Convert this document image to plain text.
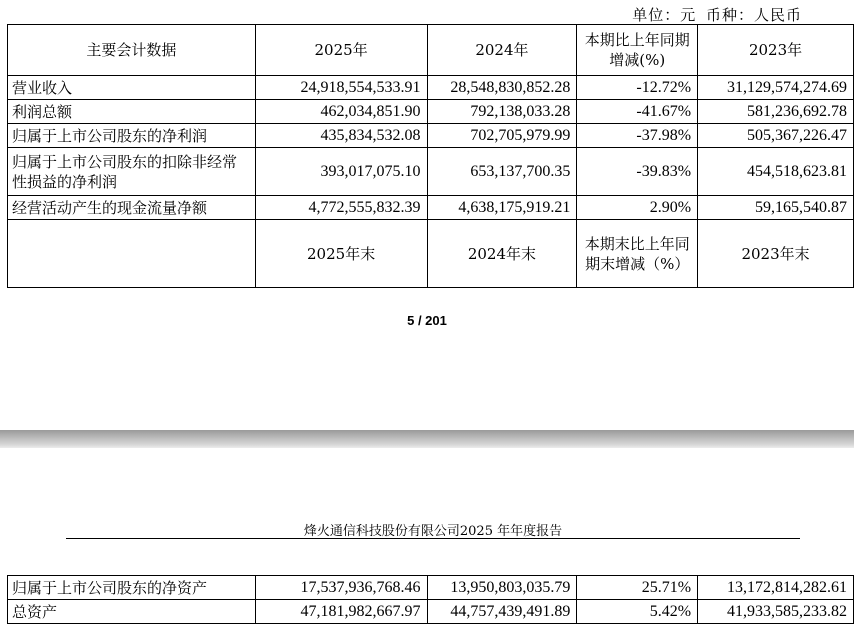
单位：元 币种：人民币
主要会计数据	2025年	2024年	本期比上年同期增减(%)	2023年
营业收入	24,918,554,533.91	28,548,830,852.28	-12.72%	31,129,574,274.69
利润总额	462,034,851.90	792,138,033.28	-41.67%	581,236,692.78
归属于上市公司股东的净利润	435,834,532.08	702,705,979.99	-37.98%	505,367,226.47
归属于上市公司股东的扣除非经常性损益的净利润	393,017,075.10	653,137,700.35	-39.83%	454,518,623.81
经营活动产生的现金流量净额	4,772,555,832.39	4,638,175,919.21	2.90%	59,165,540.87
	2025年末	2024年末	本期末比上年同期末增减（%）	2023年末
5 / 201
烽火通信科技股份有限公司2025 年年度报告
归属于上市公司股东的净资产	17,537,936,768.46	13,950,803,035.79	25.71%	13,172,814,282.61
总资产	47,181,982,667.97	44,757,439,491.89	5.42%	41,933,585,233.82
